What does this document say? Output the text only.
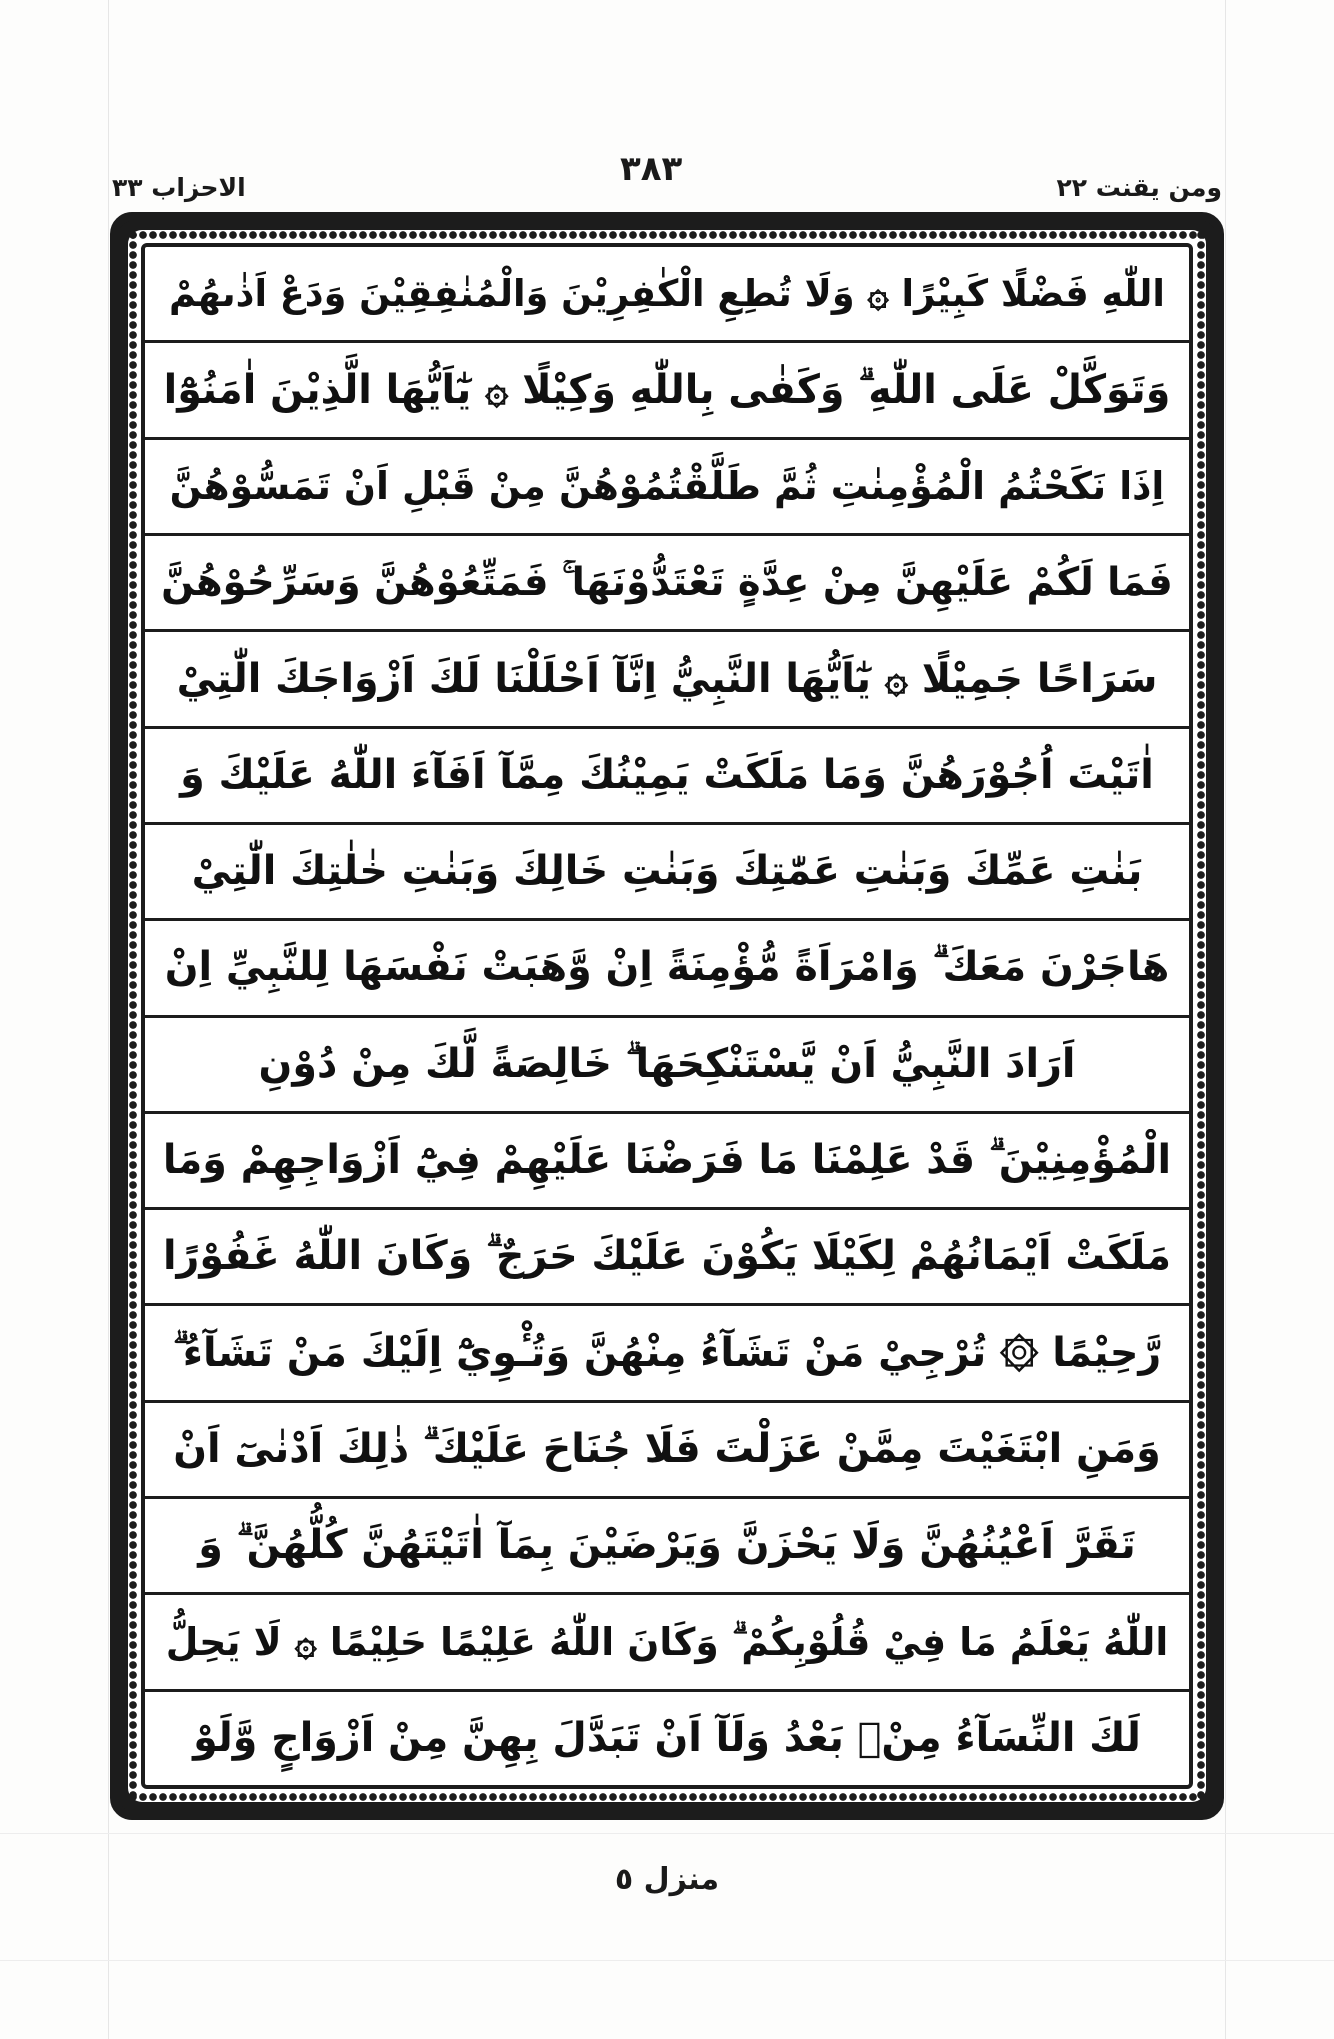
ومن يقنت ٢٢
٣٨٣
الاحزاب ٣٣
اللّٰهِ فَضْلًا كَبِيْرًا ۞ وَلَا تُطِعِ الْكٰفِرِيْنَ وَالْمُنٰفِقِيْنَ وَدَعْ اَذٰىهُمْ
وَتَوَكَّلْ عَلَى اللّٰهِ ۗ وَكَفٰى بِاللّٰهِ وَكِيْلًا ۞ يٰٓاَيُّهَا الَّذِيْنَ اٰمَنُوْٓا
اِذَا نَكَحْتُمُ الْمُؤْمِنٰتِ ثُمَّ طَلَّقْتُمُوْهُنَّ مِنْ قَبْلِ اَنْ تَمَسُّوْهُنَّ
فَمَا لَكُمْ عَلَيْهِنَّ مِنْ عِدَّةٍ تَعْتَدُّوْنَهَا ۚ فَمَتِّعُوْهُنَّ وَسَرِّحُوْهُنَّ
سَرَاحًا جَمِيْلًا ۞ يٰٓاَيُّهَا النَّبِيُّ اِنَّآ اَحْلَلْنَا لَكَ اَزْوَاجَكَ الّٰتِيْ
اٰتَيْتَ اُجُوْرَهُنَّ وَمَا مَلَكَتْ يَمِيْنُكَ مِمَّآ اَفَآءَ اللّٰهُ عَلَيْكَ وَ
بَنٰتِ عَمِّكَ وَبَنٰتِ عَمّٰتِكَ وَبَنٰتِ خَالِكَ وَبَنٰتِ خٰلٰتِكَ الّٰتِيْ
هَاجَرْنَ مَعَكَ ۗ وَامْرَاَةً مُّؤْمِنَةً اِنْ وَّهَبَتْ نَفْسَهَا لِلنَّبِيِّ اِنْ
اَرَادَ النَّبِيُّ اَنْ يَّسْتَنْكِحَهَا ۗ خَالِصَةً لَّكَ مِنْ دُوْنِ
الْمُؤْمِنِيْنَ ۗ قَدْ عَلِمْنَا مَا فَرَضْنَا عَلَيْهِمْ فِيْٓ اَزْوَاجِهِمْ وَمَا
مَلَكَتْ اَيْمَانُهُمْ لِكَيْلَا يَكُوْنَ عَلَيْكَ حَرَجٌ ۗ وَكَانَ اللّٰهُ غَفُوْرًا
رَّحِيْمًا ۞ تُرْجِيْ مَنْ تَشَآءُ مِنْهُنَّ وَتُـْٔوِيْٓ اِلَيْكَ مَنْ تَشَآءُ ۗ
وَمَنِ ابْتَغَيْتَ مِمَّنْ عَزَلْتَ فَلَا جُنَاحَ عَلَيْكَ ۗ ذٰلِكَ اَدْنٰىٓ اَنْ
تَقَرَّ اَعْيُنُهُنَّ وَلَا يَحْزَنَّ وَيَرْضَيْنَ بِمَآ اٰتَيْتَهُنَّ كُلُّهُنَّ ۗ وَ
اللّٰهُ يَعْلَمُ مَا فِيْ قُلُوْبِكُمْ ۗ وَكَانَ اللّٰهُ عَلِيْمًا حَلِيْمًا ۞ لَا يَحِلُّ
لَكَ النِّسَآءُ مِنْۢ بَعْدُ وَلَآ اَنْ تَبَدَّلَ بِهِنَّ مِنْ اَزْوَاجٍ وَّلَوْ
منزل ٥
